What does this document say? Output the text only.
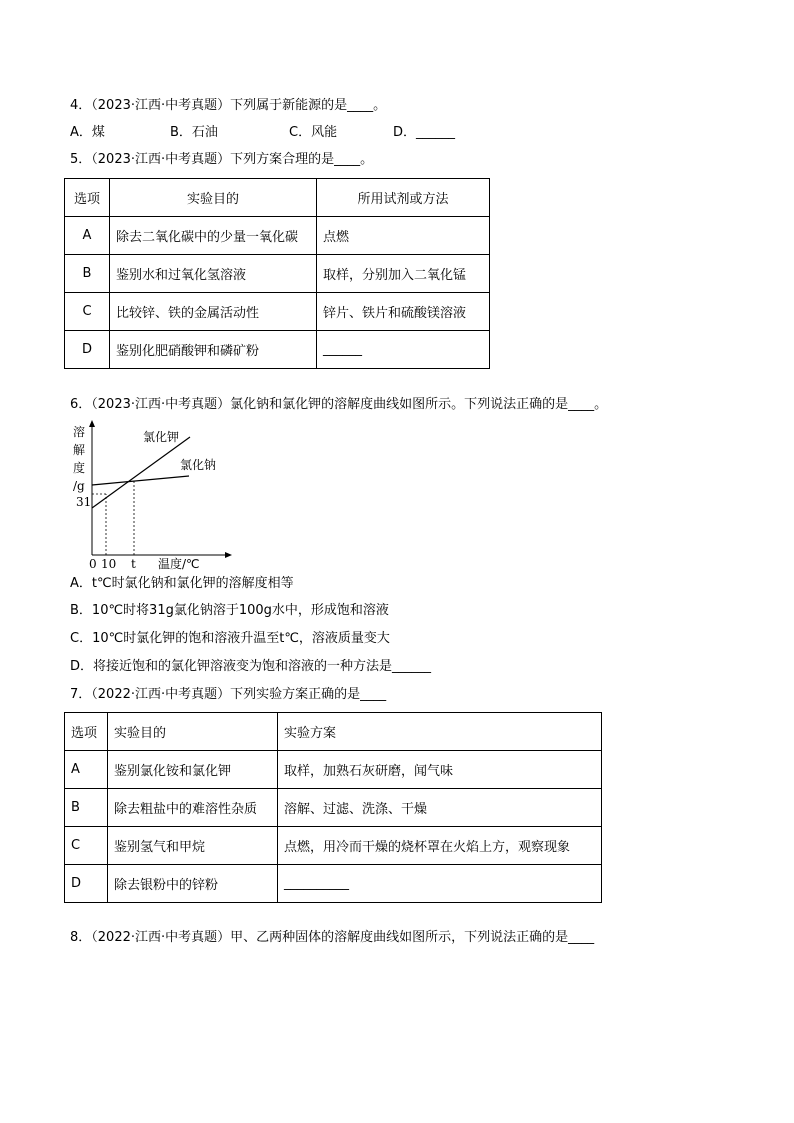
4．（2023·江西·中考真题）下列属于新能源的是____。
A．煤	B．石油	C．风能	D．______
5．（2023·江西·中考真题）下列方案合理的是____。
选项	实验目的	所用试剂或方法
A	除去二氧化碳中的少量一氧化碳	点燃
B	鉴别水和过氧化氢溶液	取样，分别加入二氧化锰
C	比较锌、铁的金属活动性	锌片、铁片和硫酸镁溶液
D	鉴别化肥硝酸钾和磷矿粉	______
6．（2023·江西·中考真题）氯化钠和氯化钾的溶解度曲线如图所示。下列说法正确的是____。
溶
解
度
/g
31
0 10 t 温度/℃
氯化钾
氯化钠
A．t℃时氯化钠和氯化钾的溶解度相等
B．10℃时将31g氯化钠溶于100g水中，形成饱和溶液
C．10℃时氯化钾的饱和溶液升温至t℃，溶液质量变大
D．将接近饱和的氯化钾溶液变为饱和溶液的一种方法是______
7．（2022·江西·中考真题）下列实验方案正确的是____
选项	实验目的	实验方案
A	鉴别氯化铵和氯化钾	取样，加熟石灰研磨，闻气味
B	除去粗盐中的难溶性杂质	溶解、过滤、洗涤、干燥
C	鉴别氢气和甲烷	点燃，用冷而干燥的烧杯罩在火焰上方，观察现象
D	除去银粉中的锌粉	__________
8．（2022·江西·中考真题）甲、乙两种固体的溶解度曲线如图所示，下列说法正确的是____
